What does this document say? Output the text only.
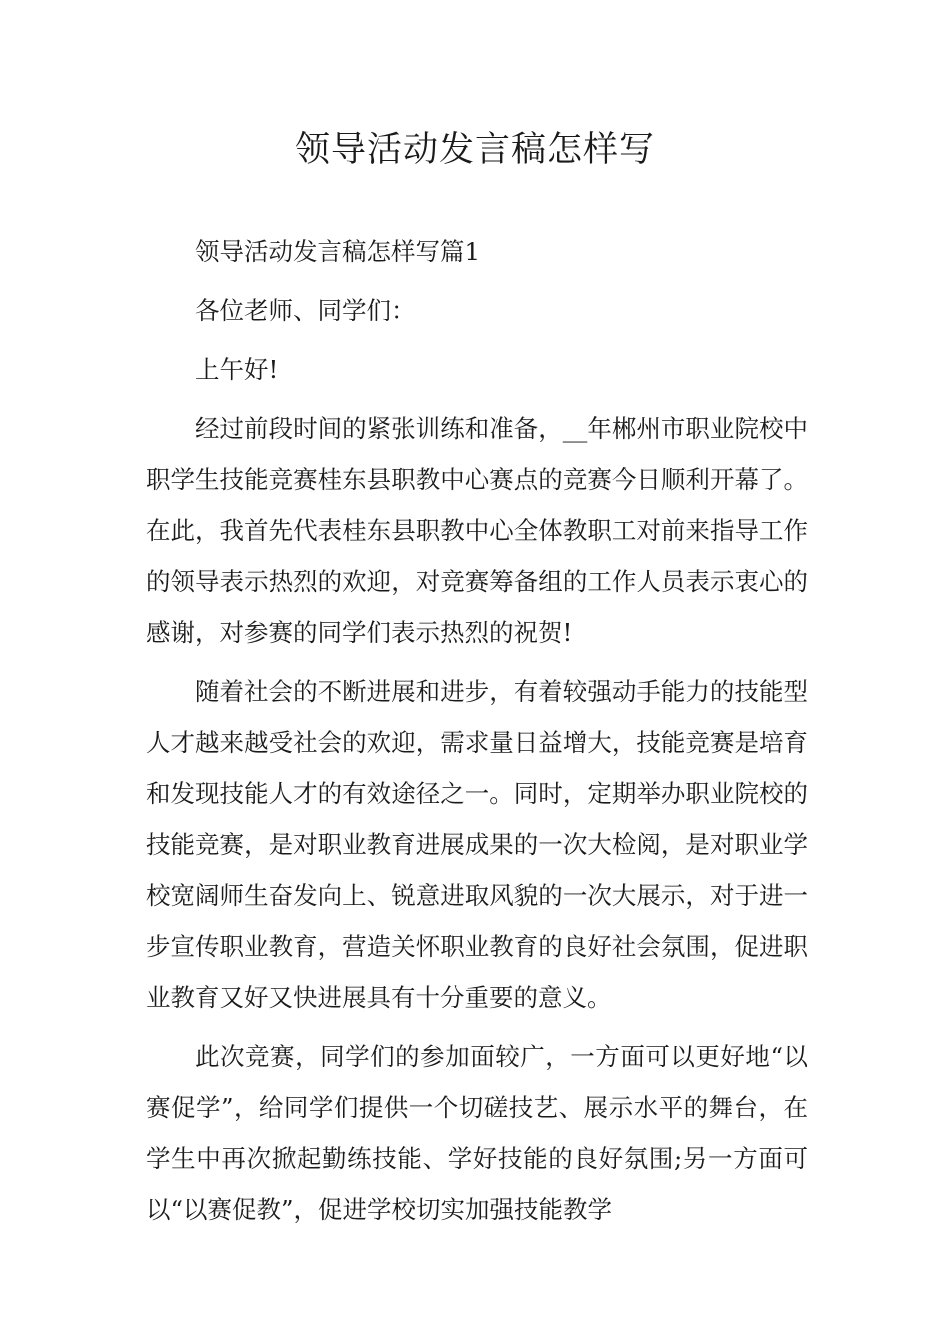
领导活动发言稿怎样写

领导活动发言稿怎样写篇1

各位老师、同学们：

上午好!

经过前段时间的紧张训练和准备，__年郴州市职业院校中职学生技能竞赛桂东县职教中心赛点的竞赛今日顺利开幕了。在此，我首先代表桂东县职教中心全体教职工对前来指导工作的领导表示热烈的欢迎，对竞赛筹备组的工作人员表示衷心的感谢，对参赛的同学们表示热烈的祝贺!

随着社会的不断进展和进步，有着较强动手能力的技能型人才越来越受社会的欢迎，需求量日益增大，技能竞赛是培育和发现技能人才的有效途径之一。同时，定期举办职业院校的技能竞赛，是对职业教育进展成果的一次大检阅，是对职业学校宽阔师生奋发向上、锐意进取风貌的一次大展示，对于进一步宣传职业教育，营造关怀职业教育的良好社会氛围，促进职业教育又好又快进展具有十分重要的意义。

此次竞赛，同学们的参加面较广，一方面可以更好地“以赛促学”，给同学们提供一个切磋技艺、展示水平的舞台，在学生中再次掀起勤练技能、学好技能的良好氛围;另一方面可以“以赛促教”，促进学校切实加强技能教学
